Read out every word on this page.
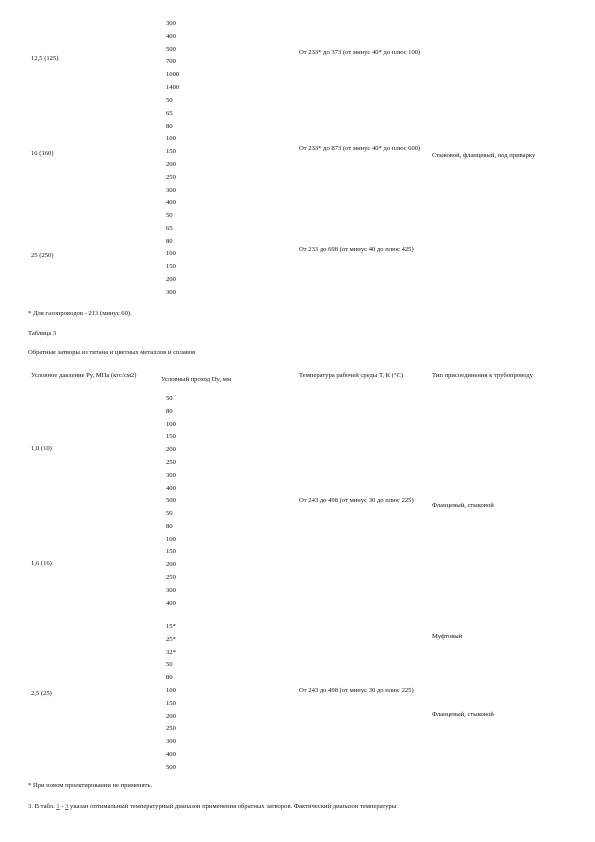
300
400
500
700
1000
1400
12,5 (125)
От 233* до 373 (от минус 40* до плюс 100)
50
65
80
100
150
200
250
300
400
16 (160)
От 233* до 873 (от минус 40* до плюс 600)
Стыковой, фланцевый, под приварку
50
65
80
100
150
200
300
25 (250)
От 233 до 698 (от минус 40 до плюс 425)
* Для газопроводов - 213 (минус 60).
Таблица 3
Обратные затворы из титана и цветных металлов и сплавов
Условное давление Ру, МПа (кгс/см2)
Условный проход Dy, мм
Температура рабочей среды Т, К (°С)	Тип присоединения к трубопроводу
50
80
100
150
200
250
300
400
500
1,0 (10)
50
80
100
150
200
250
300
400
1,6 (16)
От 243 до 498 (от минус 30 до плюс 225)
Фланцевый, стыковой
15*
25*
32*
50
80
100
150
200
250
300
400
500
2,5 (25)
Муфтовый
От 243 до 498 (от минус 30 до плюс 225)
Фланцевый, стыковой
* При новом проектировании не применять.
3. В табл. 1 - 3 указан оптимальный температурный диапазон применения обратных затворов. Фактический диапазон температуры
